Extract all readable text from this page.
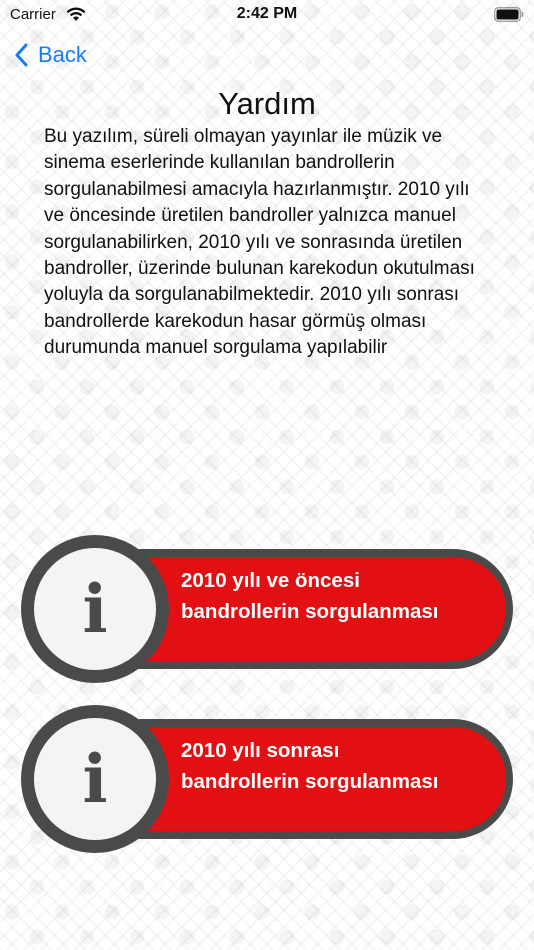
Carrier	2:42 PM
Back
Yardım

Bu yazılım, süreli olmayan yayınlar ile müzik ve sinema eserlerinde kullanılan bandrollerin sorgulanabilmesi amacıyla hazırlanmıştır. 2010 yılı ve öncesinde üretilen bandroller yalnızca manuel sorgulanabilirken, 2010 yılı ve sonrasında üretilen bandroller, üzerinde bulunan karekodun okutulması yoluyla da sorgulanabilmektedir. 2010 yılı sonrası bandrollerde karekodun hasar görmüş olması durumunda manuel sorgulama yapılabilir

i	2010 yılı ve öncesi
bandrollerin sorgulanması
i	2010 yılı sonrası
bandrollerin sorgulanması
